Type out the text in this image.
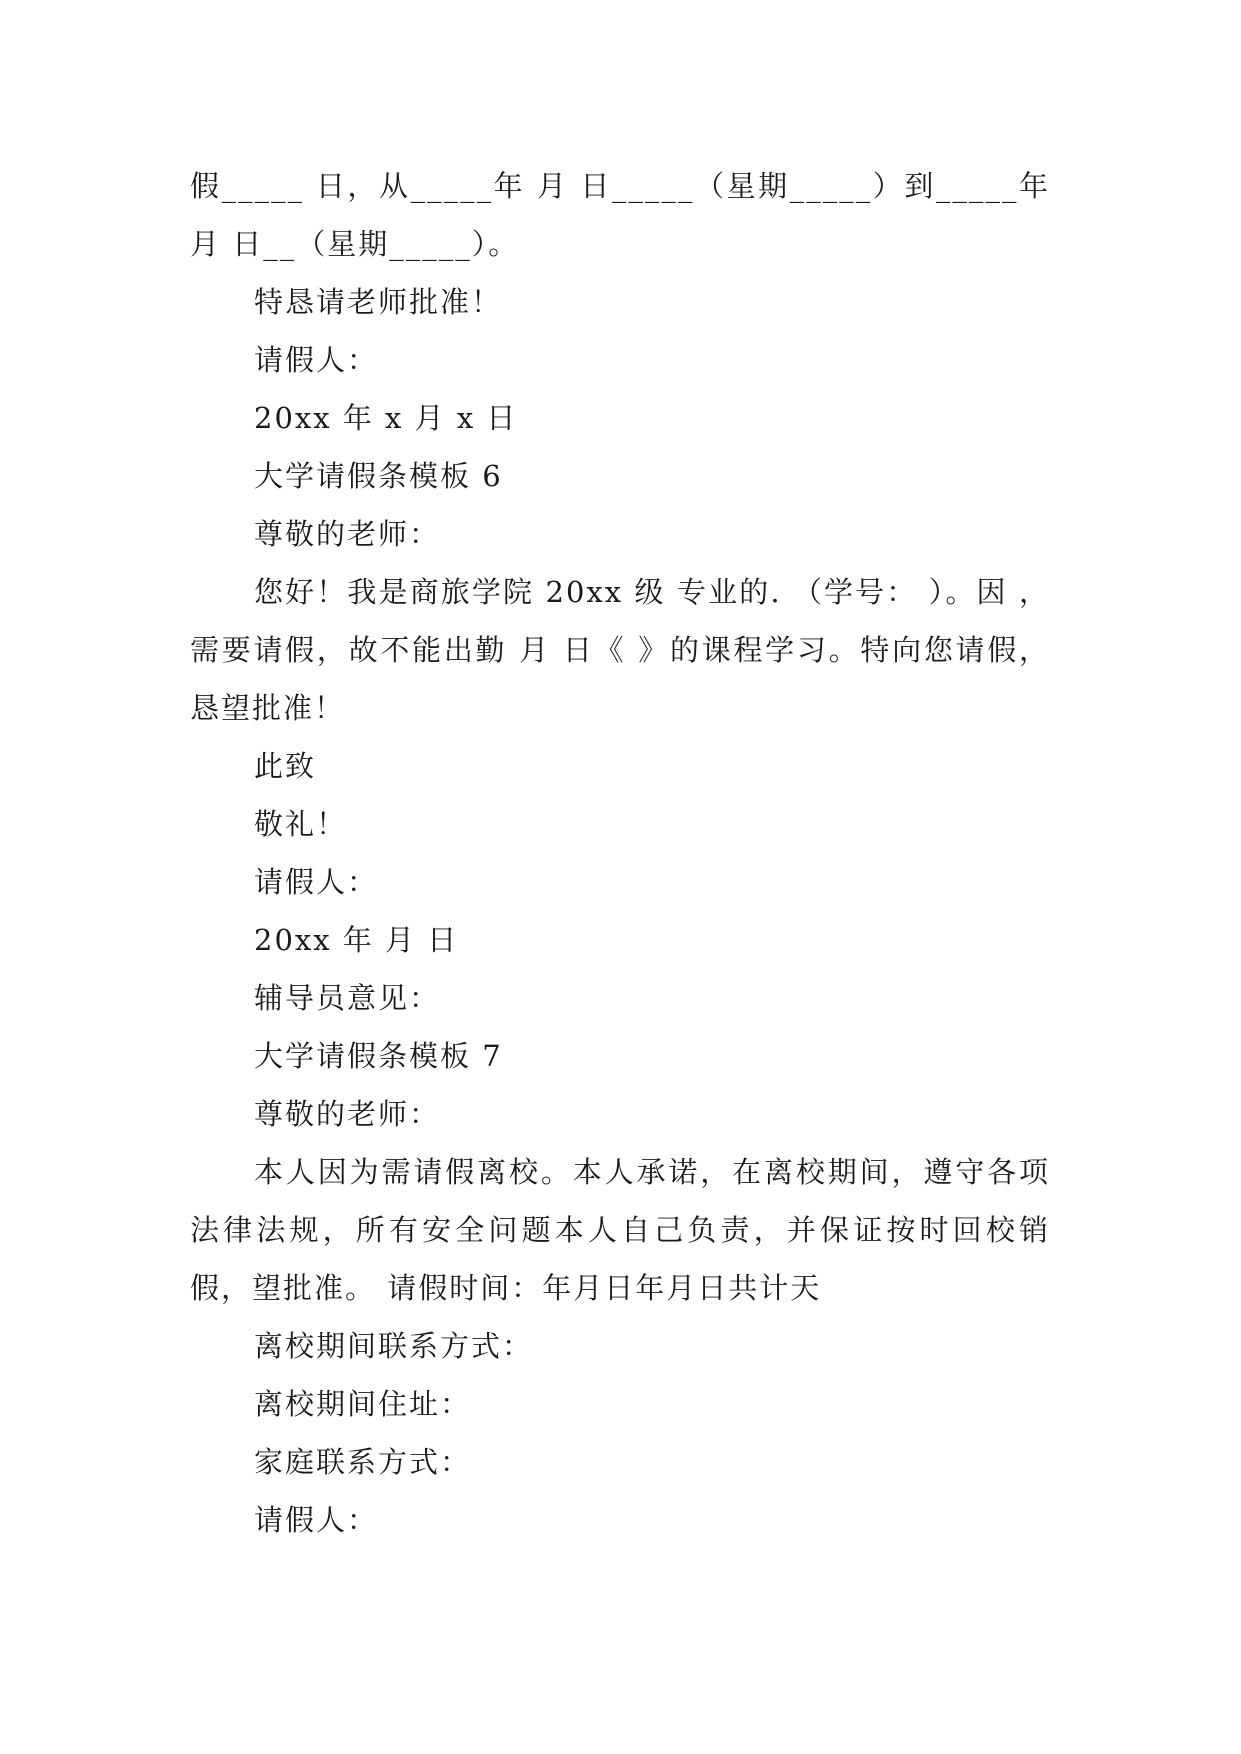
假_____ 日，从_____年 月 日_____（星期_____）到_____年 月 日__（星期_____）。

特恳请老师批准！

请假人：

20xx 年 x 月 x 日

大学请假条模板 6

尊敬的老师：

您好！我是商旅学院 20xx 级 专业的. （学号： ）。因 ，需要请假，故不能出勤 月 日《 》的课程学习。特向您请假，恳望批准！

此致

敬礼！

请假人：

20xx 年 月 日

辅导员意见：

大学请假条模板 7

尊敬的老师：

本人因为需请假离校。本人承诺，在离校期间，遵守各项法律法规，所有安全问题本人自己负责，并保证按时回校销假，望批准。 请假时间：年月日年月日共计天

离校期间联系方式：

离校期间住址：

家庭联系方式：

请假人：
